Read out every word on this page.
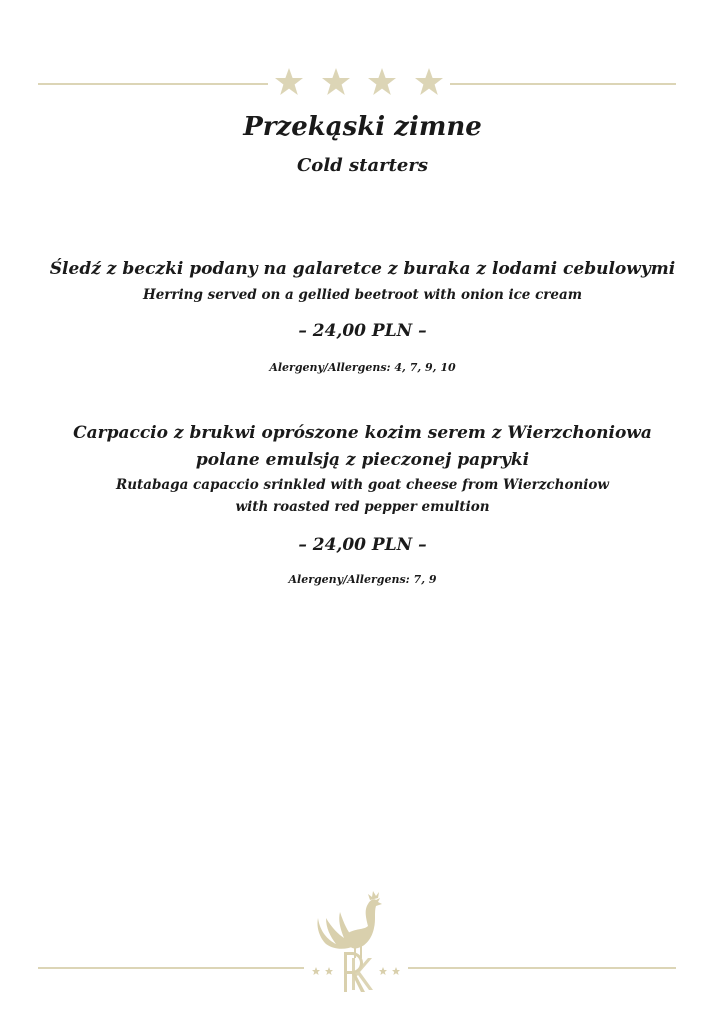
Przekąski zimne
Cold starters
Śledź z beczki podany na galaretce z buraka z lodami cebulowymi
Herring served on a gellied beetroot with onion ice cream
– 24,00 PLN –
Alergeny/Allergens: 4, 7, 9, 10
Carpaccio z brukwi oprószone kozim serem z Wierzchoniowa
polane emulsją z pieczonej papryki
Rutabaga capaccio srinkled with goat cheese from Wierzchoniow
with roasted red pepper emultion
– 24,00 PLN –
Alergeny/Allergens: 7, 9
